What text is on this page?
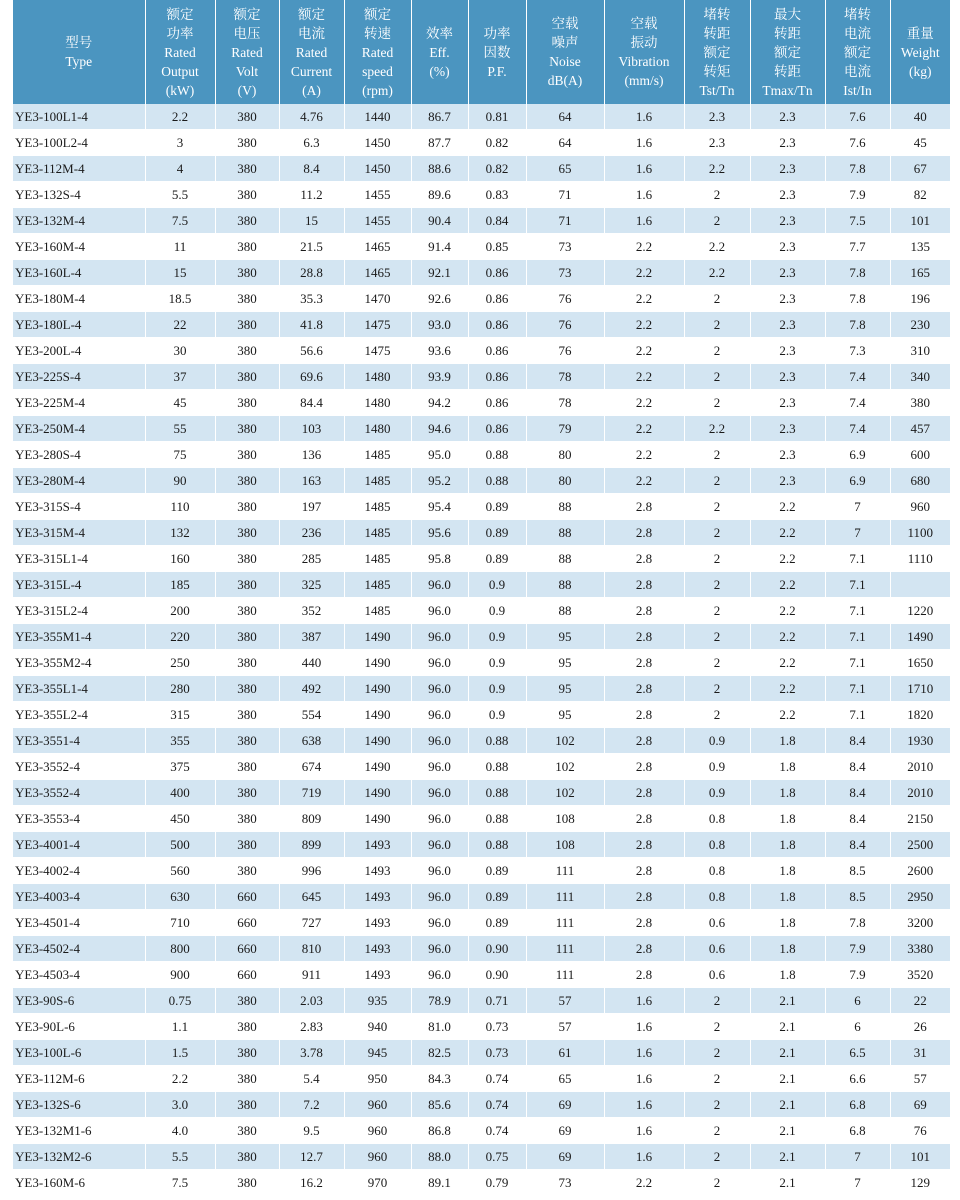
型号
Type	额定
功率
Rated
Output
(kW)	额定
电压
Rated
Volt
(V)	额定
电流
Rated
Current
(A)	额定
转速
Rated
speed
(rpm)	效率
Eff.
(%)	功率
因数
P.F.	空载
噪声
Noise
dB(A)	空载
振动
Vibration
(mm/s)	堵转
转距
额定
转矩
Tst/Tn	最大
转距
额定
转距
Tmax/Tn	堵转
电流
额定
电流
Ist/In	重量
Weight
(kg)

YE3-100L1-4	2.2	380	4.76	1440	86.7	0.81	64	1.6	2.3	2.3	7.6	40
YE3-100L2-4	3	380	6.3	1450	87.7	0.82	64	1.6	2.3	2.3	7.6	45
YE3-112M-4	4	380	8.4	1450	88.6	0.82	65	1.6	2.2	2.3	7.8	67
YE3-132S-4	5.5	380	11.2	1455	89.6	0.83	71	1.6	2	2.3	7.9	82
YE3-132M-4	7.5	380	15	1455	90.4	0.84	71	1.6	2	2.3	7.5	101
YE3-160M-4	11	380	21.5	1465	91.4	0.85	73	2.2	2.2	2.3	7.7	135
YE3-160L-4	15	380	28.8	1465	92.1	0.86	73	2.2	2.2	2.3	7.8	165
YE3-180M-4	18.5	380	35.3	1470	92.6	0.86	76	2.2	2	2.3	7.8	196
YE3-180L-4	22	380	41.8	1475	93.0	0.86	76	2.2	2	2.3	7.8	230
YE3-200L-4	30	380	56.6	1475	93.6	0.86	76	2.2	2	2.3	7.3	310
YE3-225S-4	37	380	69.6	1480	93.9	0.86	78	2.2	2	2.3	7.4	340
YE3-225M-4	45	380	84.4	1480	94.2	0.86	78	2.2	2	2.3	7.4	380
YE3-250M-4	55	380	103	1480	94.6	0.86	79	2.2	2.2	2.3	7.4	457
YE3-280S-4	75	380	136	1485	95.0	0.88	80	2.2	2	2.3	6.9	600
YE3-280M-4	90	380	163	1485	95.2	0.88	80	2.2	2	2.3	6.9	680
YE3-315S-4	110	380	197	1485	95.4	0.89	88	2.8	2	2.2	7	960
YE3-315M-4	132	380	236	1485	95.6	0.89	88	2.8	2	2.2	7	1100
YE3-315L1-4	160	380	285	1485	95.8	0.89	88	2.8	2	2.2	7.1	1110
YE3-315L-4	185	380	325	1485	96.0	0.9	88	2.8	2	2.2	7.1	
YE3-315L2-4	200	380	352	1485	96.0	0.9	88	2.8	2	2.2	7.1	1220
YE3-355M1-4	220	380	387	1490	96.0	0.9	95	2.8	2	2.2	7.1	1490
YE3-355M2-4	250	380	440	1490	96.0	0.9	95	2.8	2	2.2	7.1	1650
YE3-355L1-4	280	380	492	1490	96.0	0.9	95	2.8	2	2.2	7.1	1710
YE3-355L2-4	315	380	554	1490	96.0	0.9	95	2.8	2	2.2	7.1	1820
YE3-3551-4	355	380	638	1490	96.0	0.88	102	2.8	0.9	1.8	8.4	1930
YE3-3552-4	375	380	674	1490	96.0	0.88	102	2.8	0.9	1.8	8.4	2010
YE3-3552-4	400	380	719	1490	96.0	0.88	102	2.8	0.9	1.8	8.4	2010
YE3-3553-4	450	380	809	1490	96.0	0.88	108	2.8	0.8	1.8	8.4	2150
YE3-4001-4	500	380	899	1493	96.0	0.88	108	2.8	0.8	1.8	8.4	2500
YE3-4002-4	560	380	996	1493	96.0	0.89	111	2.8	0.8	1.8	8.5	2600
YE3-4003-4	630	660	645	1493	96.0	0.89	111	2.8	0.8	1.8	8.5	2950
YE3-4501-4	710	660	727	1493	96.0	0.89	111	2.8	0.6	1.8	7.8	3200
YE3-4502-4	800	660	810	1493	96.0	0.90	111	2.8	0.6	1.8	7.9	3380
YE3-4503-4	900	660	911	1493	96.0	0.90	111	2.8	0.6	1.8	7.9	3520
YE3-90S-6	0.75	380	2.03	935	78.9	0.71	57	1.6	2	2.1	6	22
YE3-90L-6	1.1	380	2.83	940	81.0	0.73	57	1.6	2	2.1	6	26
YE3-100L-6	1.5	380	3.78	945	82.5	0.73	61	1.6	2	2.1	6.5	31
YE3-112M-6	2.2	380	5.4	950	84.3	0.74	65	1.6	2	2.1	6.6	57
YE3-132S-6	3.0	380	7.2	960	85.6	0.74	69	1.6	2	2.1	6.8	69
YE3-132M1-6	4.0	380	9.5	960	86.8	0.74	69	1.6	2	2.1	6.8	76
YE3-132M2-6	5.5	380	12.7	960	88.0	0.75	69	1.6	2	2.1	7	101
YE3-160M-6	7.5	380	16.2	970	89.1	0.79	73	2.2	2	2.1	7	129
